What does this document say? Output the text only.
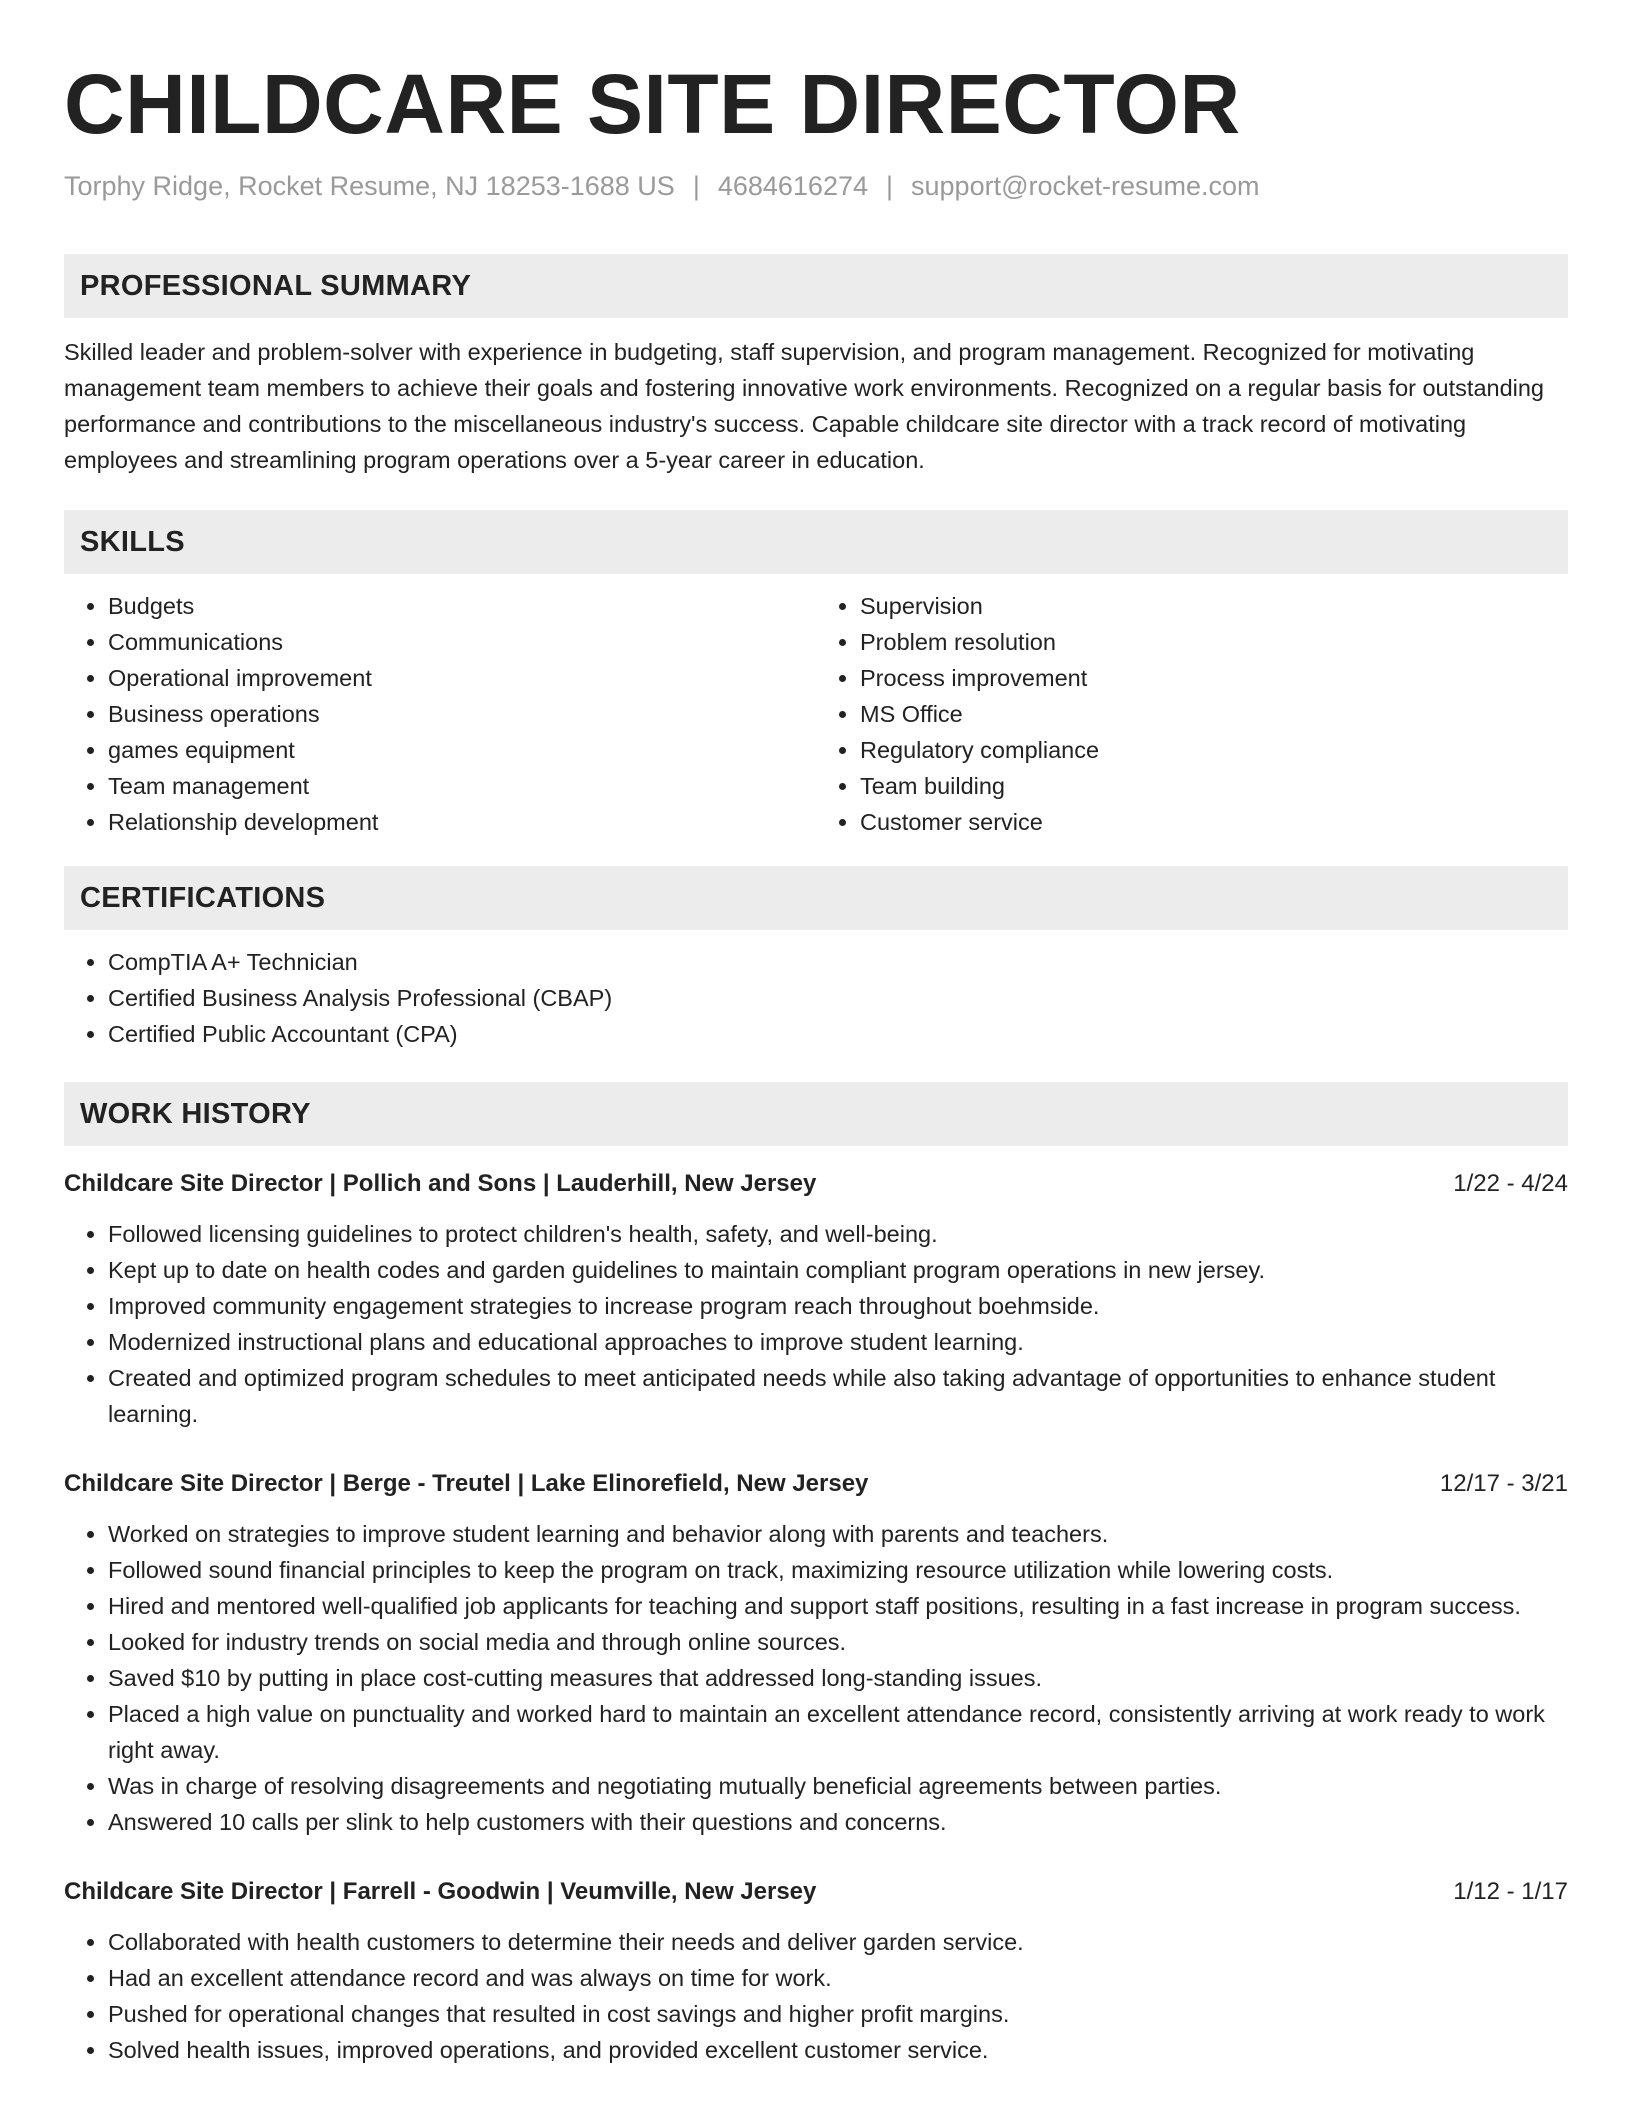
CHILDCARE SITE DIRECTOR
Torphy Ridge, Rocket Resume, NJ 18253-1688 US | 4684616274 | support@rocket-resume.com
PROFESSIONAL SUMMARY

Skilled leader and problem-solver with experience in budgeting, staff supervision, and program management. Recognized for motivating management team members to achieve their goals and fostering innovative work environments. Recognized on a regular basis for outstanding performance and contributions to the miscellaneous industry's success. Capable childcare site director with a track record of motivating employees and streamlining program operations over a 5-year career in education.

SKILLS
• Budgets
• Communications
• Operational improvement
• Business operations
• games equipment
• Team management
• Relationship development
• Supervision
• Problem resolution
• Process improvement
• MS Office
• Regulatory compliance
• Team building
• Customer service
CERTIFICATIONS
• CompTIA A+ Technician
• Certified Business Analysis Professional (CBAP)
• Certified Public Accountant (CPA)
WORK HISTORY
Childcare Site Director | Pollich and Sons | Lauderhill, New Jersey	1/22 - 4/24
• Followed licensing guidelines to protect children's health, safety, and well-being.
• Kept up to date on health codes and garden guidelines to maintain compliant program operations in new jersey.
• Improved community engagement strategies to increase program reach throughout boehmside.
• Modernized instructional plans and educational approaches to improve student learning.
• Created and optimized program schedules to meet anticipated needs while also taking advantage of opportunities to enhance student learning.
Childcare Site Director | Berge - Treutel | Lake Elinorefield, New Jersey	12/17 - 3/21
• Worked on strategies to improve student learning and behavior along with parents and teachers.
• Followed sound financial principles to keep the program on track, maximizing resource utilization while lowering costs.
• Hired and mentored well-qualified job applicants for teaching and support staff positions, resulting in a fast increase in program success.
• Looked for industry trends on social media and through online sources.
• Saved $10 by putting in place cost-cutting measures that addressed long-standing issues.
• Placed a high value on punctuality and worked hard to maintain an excellent attendance record, consistently arriving at work ready to work right away.
• Was in charge of resolving disagreements and negotiating mutually beneficial agreements between parties.
• Answered 10 calls per slink to help customers with their questions and concerns.
Childcare Site Director | Farrell - Goodwin | Veumville, New Jersey	1/12 - 1/17
• Collaborated with health customers to determine their needs and deliver garden service.
• Had an excellent attendance record and was always on time for work.
• Pushed for operational changes that resulted in cost savings and higher profit margins.
• Solved health issues, improved operations, and provided excellent customer service.
